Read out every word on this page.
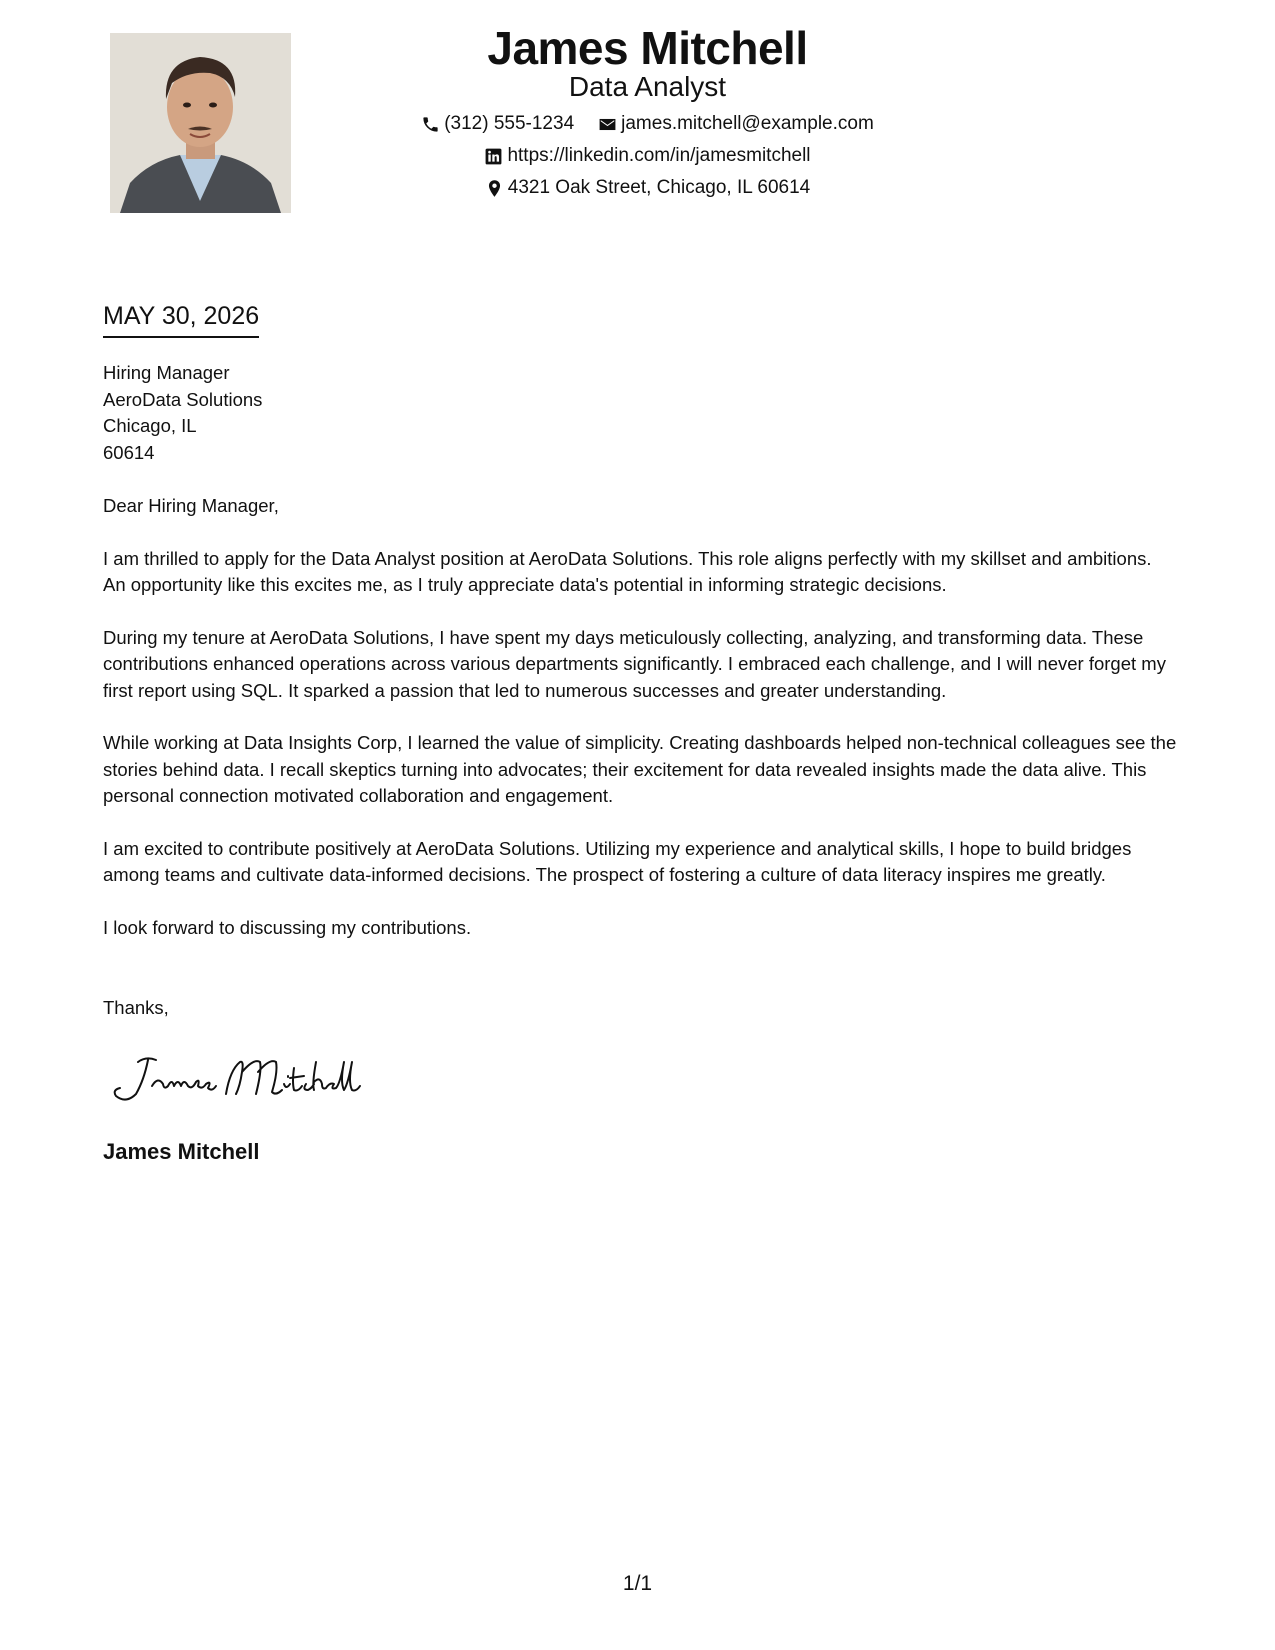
James Mitchell
Data Analyst
(312) 555-1234 james.mitchell@example.com
https://linkedin.com/in/jamesmitchell
4321 Oak Street, Chicago, IL 60614
MAY 30, 2026
Hiring Manager
AeroData Solutions
Chicago, IL
60614

Dear Hiring Manager,

I am thrilled to apply for the Data Analyst position at AeroData Solutions. This role aligns perfectly with my skillset and ambitions. An opportunity like this excites me, as I truly appreciate data's potential in informing strategic decisions.

During my tenure at AeroData Solutions, I have spent my days meticulously collecting, analyzing, and transforming data. These contributions enhanced operations across various departments significantly. I embraced each challenge, and I will never forget my first report using SQL. It sparked a passion that led to numerous successes and greater understanding.

While working at Data Insights Corp, I learned the value of simplicity. Creating dashboards helped non-technical colleagues see the stories behind data. I recall skeptics turning into advocates; their excitement for data revealed insights made the data alive. This personal connection motivated collaboration and engagement.

I am excited to contribute positively at AeroData Solutions. Utilizing my experience and analytical skills, I hope to build bridges among teams and cultivate data-informed decisions. The prospect of fostering a culture of data literacy inspires me greatly.

I look forward to discussing my contributions.

Thanks,
James Mitchell
1/1
